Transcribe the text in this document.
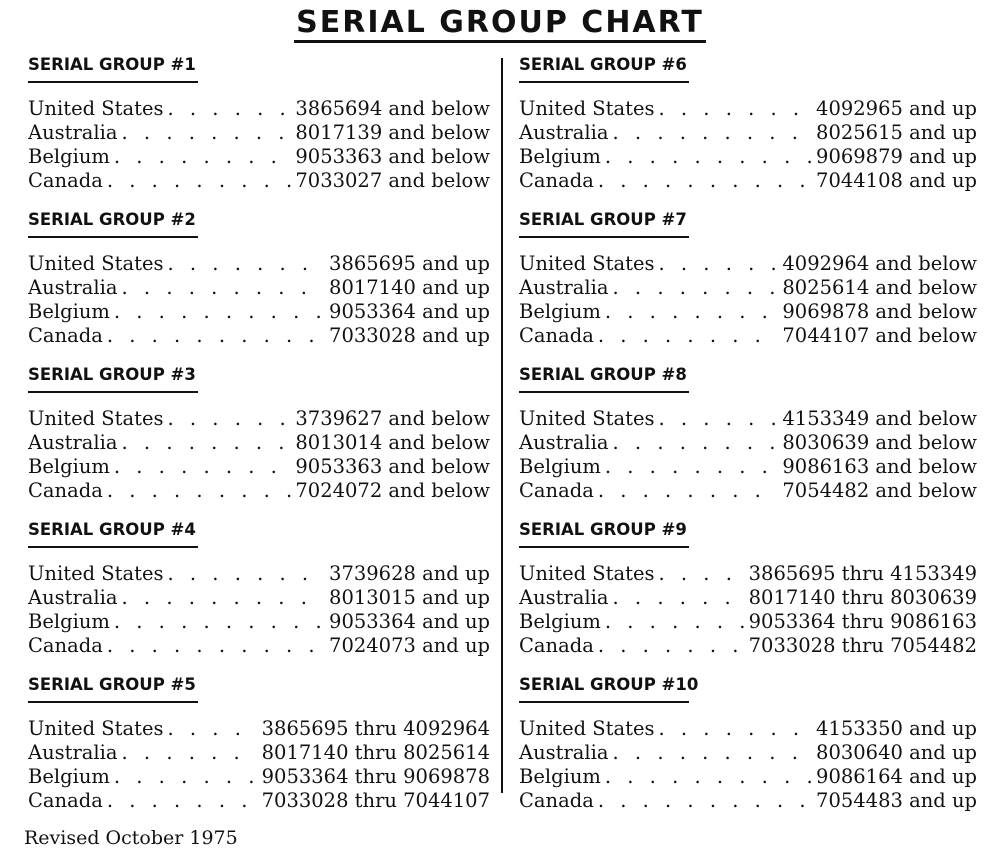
SERIAL GROUP CHART
SERIAL GROUP #1
United States . . .	3865694 and below
Australia . . .	8017139 and below
Belgium . . .	9053363 and below
Canada . . .	7033027 and below
SERIAL GROUP #2
United States . . .	3865695 and up
Australia . . .	8017140 and up
Belgium . . .	9053364 and up
Canada . . .	7033028 and up
SERIAL GROUP #3
United States . . .	3739627 and below
Australia . . .	8013014 and below
Belgium . . .	9053363 and below
Canada . . .	7024072 and below
SERIAL GROUP #4
United States . . .	3739628 and up
Australia . . .	8013015 and up
Belgium . . .	9053364 and up
Canada . . .	7024073 and up
SERIAL GROUP #5
United States . . .	3865695 thru 4092964
Australia . . .	8017140 thru 8025614
Belgium . . .	9053364 thru 9069878
Canada . . .	7033028 thru 7044107
SERIAL GROUP #6
United States . . .	4092965 and up
Australia . . .	8025615 and up
Belgium . . .	9069879 and up
Canada . . .	7044108 and up
SERIAL GROUP #7
United States . . .	4092964 and below
Australia . . .	8025614 and below
Belgium . . .	9069878 and below
Canada . . .	7044107 and below
SERIAL GROUP #8
United States . . .	4153349 and below
Australia . . .	8030639 and below
Belgium . . .	9086163 and below
Canada . . .	7054482 and below
SERIAL GROUP #9
United States . . .	3865695 thru 4153349
Australia . . .	8017140 thru 8030639
Belgium . . .	9053364 thru 9086163
Canada . . .	7033028 thru 7054482
SERIAL GROUP #10
United States . . .	4153350 and up
Australia . . .	8030640 and up
Belgium . . .	9086164 and up
Canada . . .	7054483 and up
Revised October 1975
